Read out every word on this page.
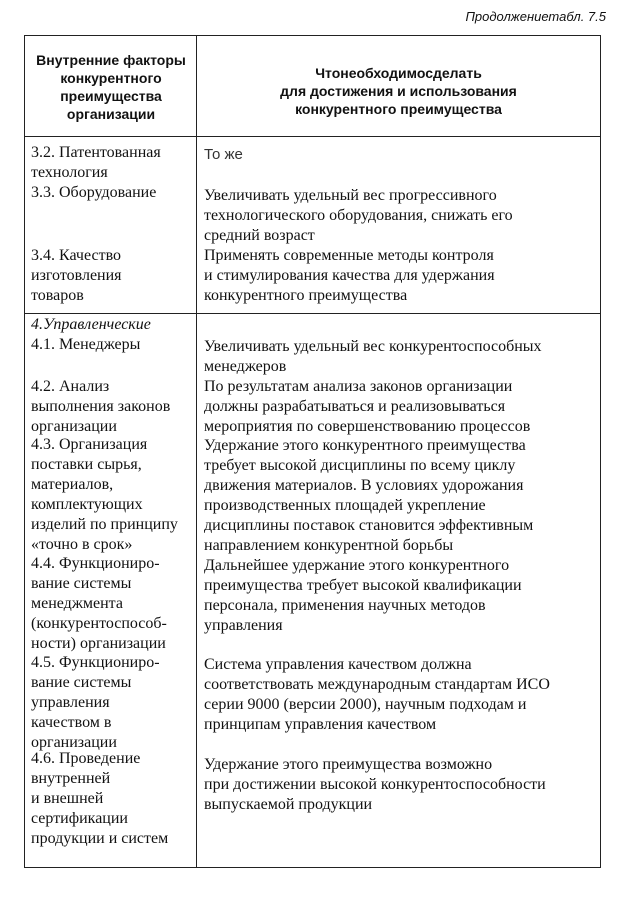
Продолжениетабл. 7.5
Внутренние факторы
конкурентного
преимущества
организации
Чтонеобходимосделать
для достижения и использования
конкурентного преимущества
3.2. Патентованная
технология
То же
3.3. Оборудование	Увеличивать удельный вес прогрессивного
технологического оборудования, снижать его
средний возраст
3.4. Качество
изготовления
товаров
Применять современные методы контроля
и стимулирования качества для удержания
конкурентного преимущества
4.Управленческие
4.1. Менеджеры	Увеличивать удельный вес конкурентоспособных
менеджеров
4.2. Анализ
выполнения законов
организации
По результатам анализа законов организации
должны разрабатываться и реализовываться
мероприятия по совершенствованию процессов
4.3. Организация
поставки сырья,
материалов,
комплектующих
изделий по принципу
«точно в срок»
Удержание этого конкурентного преимущества
требует высокой дисциплины по всему циклу
движения материалов. В условиях удорожания
производственных площадей укрепление
дисциплины поставок становится эффективным
направлением конкурентной борьбы
4.4. Функциониро-
вание системы
менеджмента
(конкурентоспособ-
ности) организации
Дальнейшее удержание этого конкурентного
преимущества требует высокой квалификации
персонала, применения научных методов
управления
4.5. Функциониро-
вание системы
управления
качеством в
организации
Система управления качеством должна
соответствовать международным стандартам ИСО
серии 9000 (версии 2000), научным подходам и
принципам управления качеством
4.6. Проведение
внутренней
и внешней
сертификации
продукции и систем
Удержание этого преимущества возможно
при достижении высокой конкурентоспособности
выпускаемой продукции
